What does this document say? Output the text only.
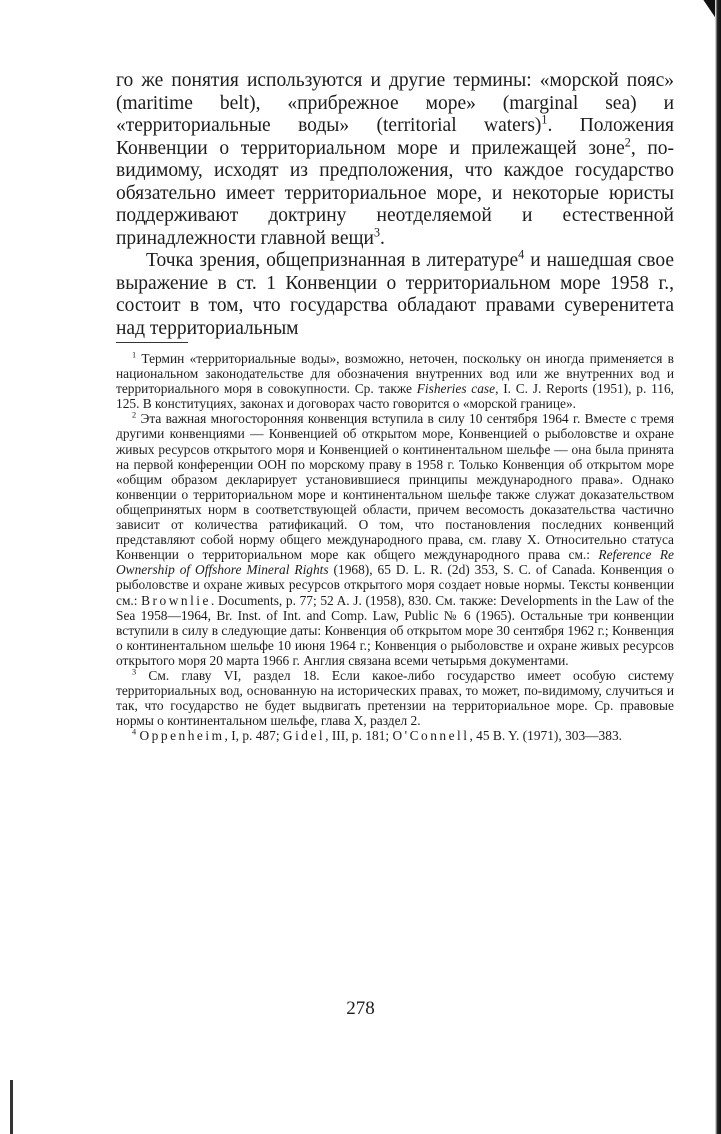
го же понятия используются и другие термины: «морской пояс» (maritime belt), «прибрежное море» (marginal sea) и «территориальные воды» (territorial waters)$^1$. Положения Конвенции о территориальном море и прилежащей зоне$^2$, по-видимому, исходят из предположения, что каждое государство обязательно имеет территориальное море, и некоторые юристы поддерживают доктрину неотделяемой и естественной принадлежности главной вещи$^3$.

Точка зрения, общепризнанная в литературе$^4$ и нашедшая свое выражение в ст. 1 Конвенции о территориальном море 1958 г., состоит в том, что государства обладают правами суверенитета над территориальным

$^1$ Термин «территориальные воды», возможно, неточен, поскольку он иногда применяется в национальном законодательстве для обозначения внутренних вод или же внутренних вод и территориального моря в совокупности. Ср. также Fisheries case, I. C. J. Reports (1951), p. 116, 125. В конституциях, законах и договорах часто говорится о «морской границе».

$^2$ Эта важная многосторонняя конвенция вступила в силу 10 сентября 1964 г. Вместе с тремя другими конвенциями — Конвенцией об открытом море, Конвенцией о рыболовстве и охране живых ресурсов открытого моря и Конвенцией о континентальном шельфе — она была принята на первой конференции ООН по морскому праву в 1958 г. Только Конвенция об открытом море «общим образом декларирует установившиеся принципы международного права». Однако конвенции о территориальном море и континентальном шельфе также служат доказательством общепринятых норм в соответствующей области, причем весомость доказательства частично зависит от количества ратификаций. О том, что постановления последних конвенций представляют собой норму общего международного права, см. главу X. Относительно статуса Конвенции о территориальном море как общего международного права см.: Reference Re Ownership of Offshore Mineral Rights (1968), 65 D. L. R. (2d) 353, S. C. of Canada. Конвенция о рыболовстве и охране живых ресурсов открытого моря создает новые нормы. Тексты конвенции см.: Brownlie. Documents, p. 77; 52 A. J. (1958), 830. См. также: Developments in the Law of the Sea 1958—1964, Br. Inst. of Int. and Comp. Law, Public № 6 (1965). Остальные три конвенции вступили в силу в следующие даты: Конвенция об открытом море 30 сентября 1962 г.; Конвенция о континентальном шельфе 10 июня 1964 г.; Конвенция о рыболовстве и охране живых ресурсов открытого моря 20 марта 1966 г. Англия связана всеми четырьмя документами.

$^3$ См. главу VI, раздел 18. Если какое-либо государство имеет особую систему территориальных вод, основанную на исторических правах, то может, по-видимому, случиться и так, что государство не будет выдвигать претензии на территориальное море. Ср. правовые нормы о континентальном шельфе, глава X, раздел 2.

$^4$ Oppenheim, I, p. 487; Gidel, III, p. 181; O'Connell, 45 B. Y. (1971), 303—383.

278
